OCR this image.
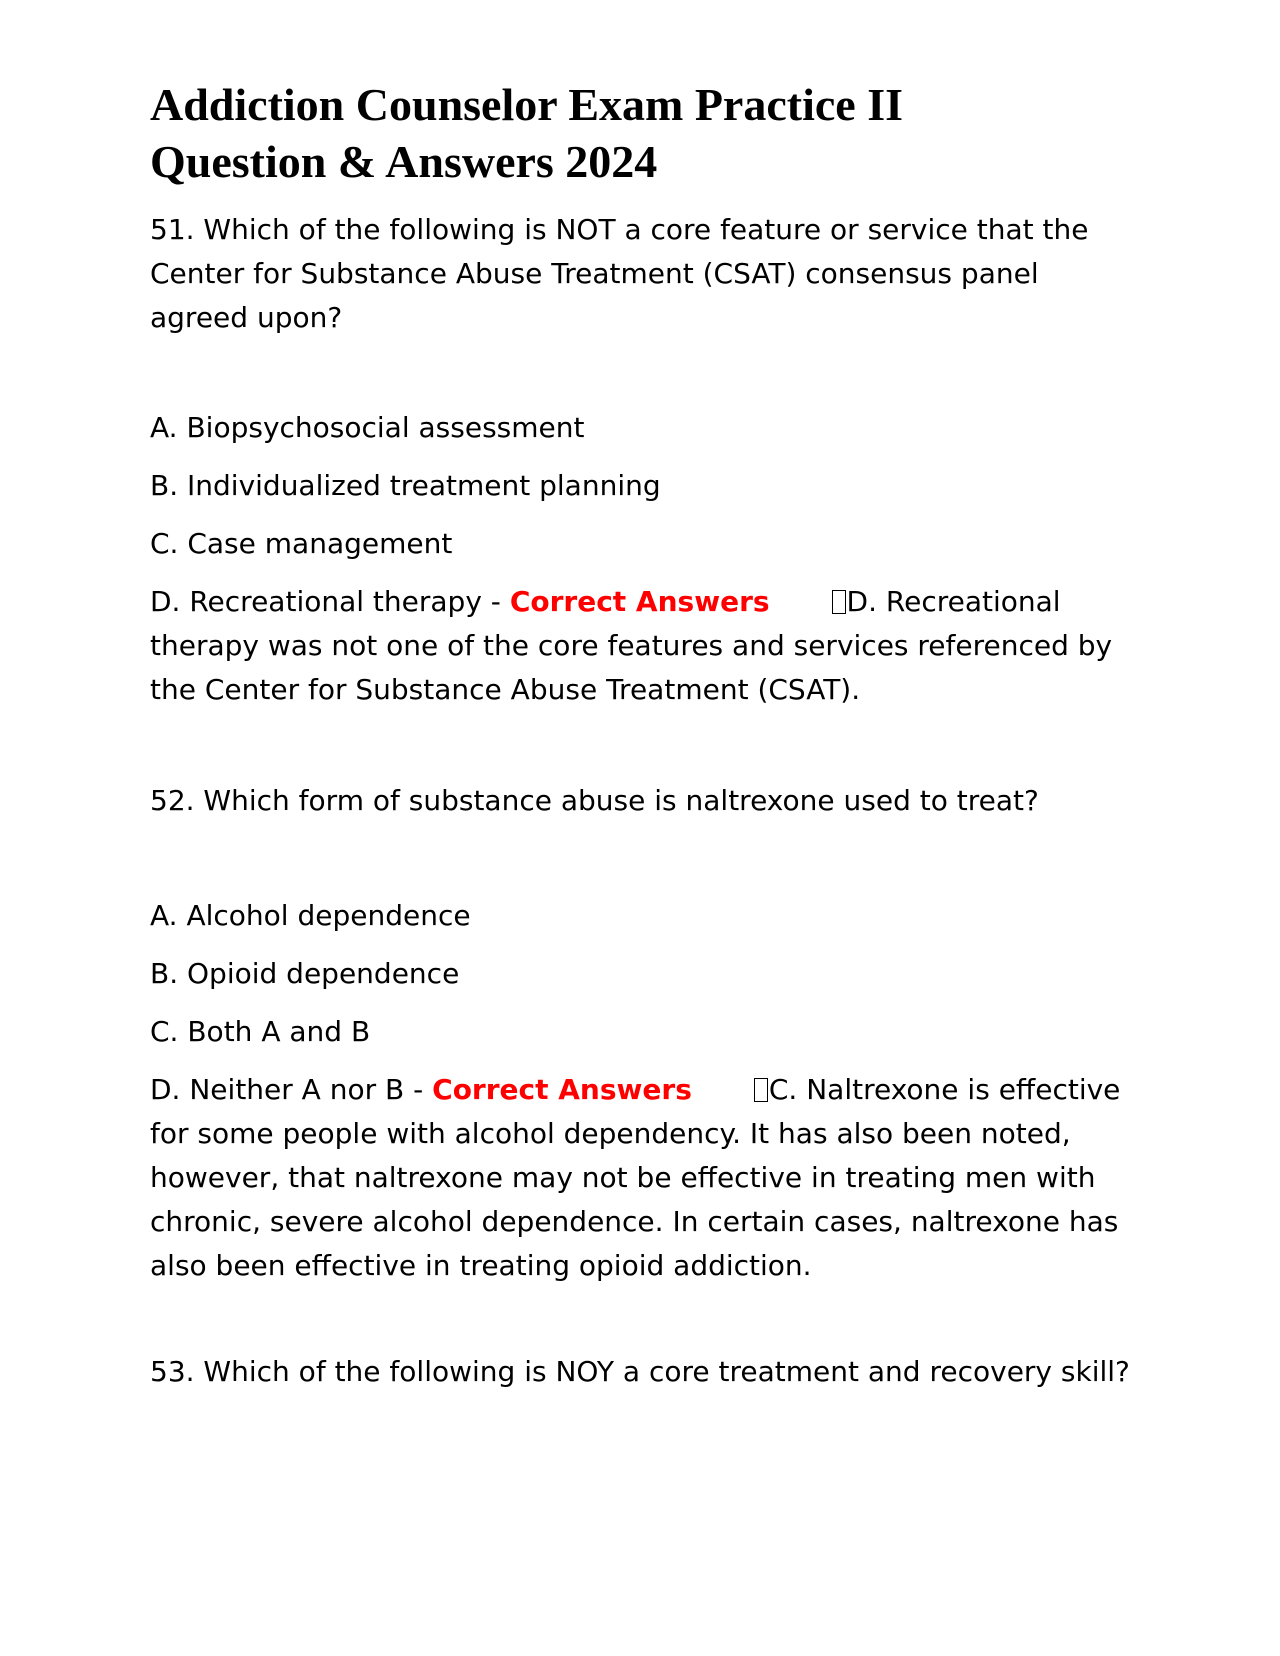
Addiction Counselor Exam Practice II
Question & Answers 2024

51. Which of the following is NOT a core feature or service that the Center for Substance Abuse Treatment (CSAT) consensus panel agreed upon?

A. Biopsychosocial assessment

B. Individualized treatment planning

C. Case management

D. Recreational therapy - Correct Answers	D. Recreational therapy was not one of the core features and services referenced by the Center for Substance Abuse Treatment (CSAT).

52. Which form of substance abuse is naltrexone used to treat?

A. Alcohol dependence

B. Opioid dependence

C. Both A and B

D. Neither A nor B - Correct Answers	C. Naltrexone is effective for some people with alcohol dependency. It has also been noted, however, that naltrexone may not be effective in treating men with chronic, severe alcohol dependence. In certain cases, naltrexone has also been effective in treating opioid addiction.

53. Which of the following is NOY a core treatment and recovery skill?
